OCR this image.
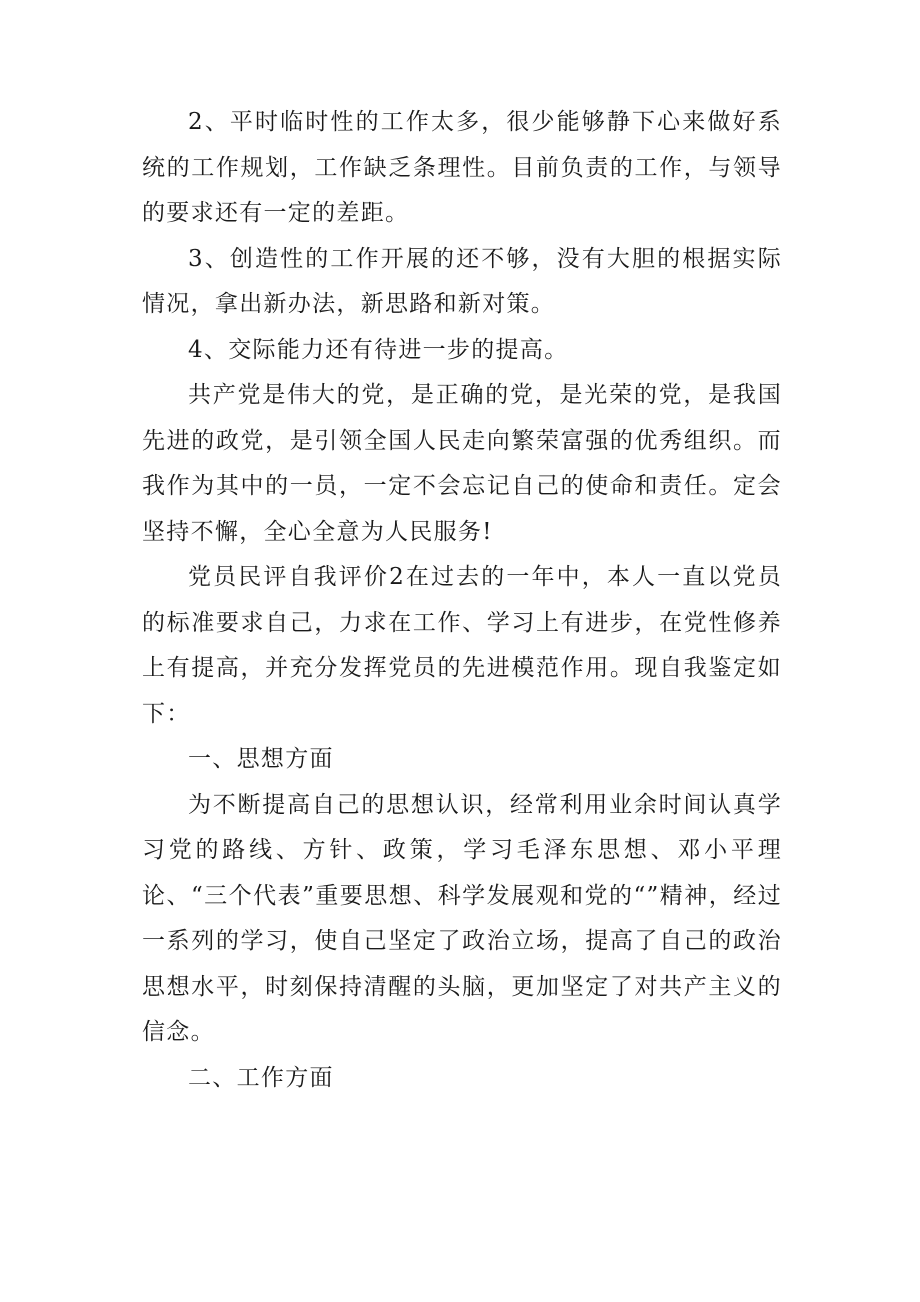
2、平时临时性的工作太多，很少能够静下心来做好系统的工作规划，工作缺乏条理性。目前负责的工作，与领导的要求还有一定的差距。

3、创造性的工作开展的还不够，没有大胆的根据实际情况，拿出新办法，新思路和新对策。

4、交际能力还有待进一步的提高。

共产党是伟大的党，是正确的党，是光荣的党，是我国先进的政党，是引领全国人民走向繁荣富强的优秀组织。而我作为其中的一员，一定不会忘记自己的使命和责任。定会坚持不懈，全心全意为人民服务!

党员民评自我评价2在过去的一年中，本人一直以党员的标准要求自己，力求在工作、学习上有进步，在党性修养上有提高，并充分发挥党员的先进模范作用。现自我鉴定如下：

一、思想方面

为不断提高自己的思想认识，经常利用业余时间认真学习党的路线、方针、政策，学习毛泽东思想、邓小平理论、“三个代表”重要思想、科学发展观和党的“”精神，经过一系列的学习，使自己坚定了政治立场，提高了自己的政治思想水平，时刻保持清醒的头脑，更加坚定了对共产主义的信念。

二、工作方面
